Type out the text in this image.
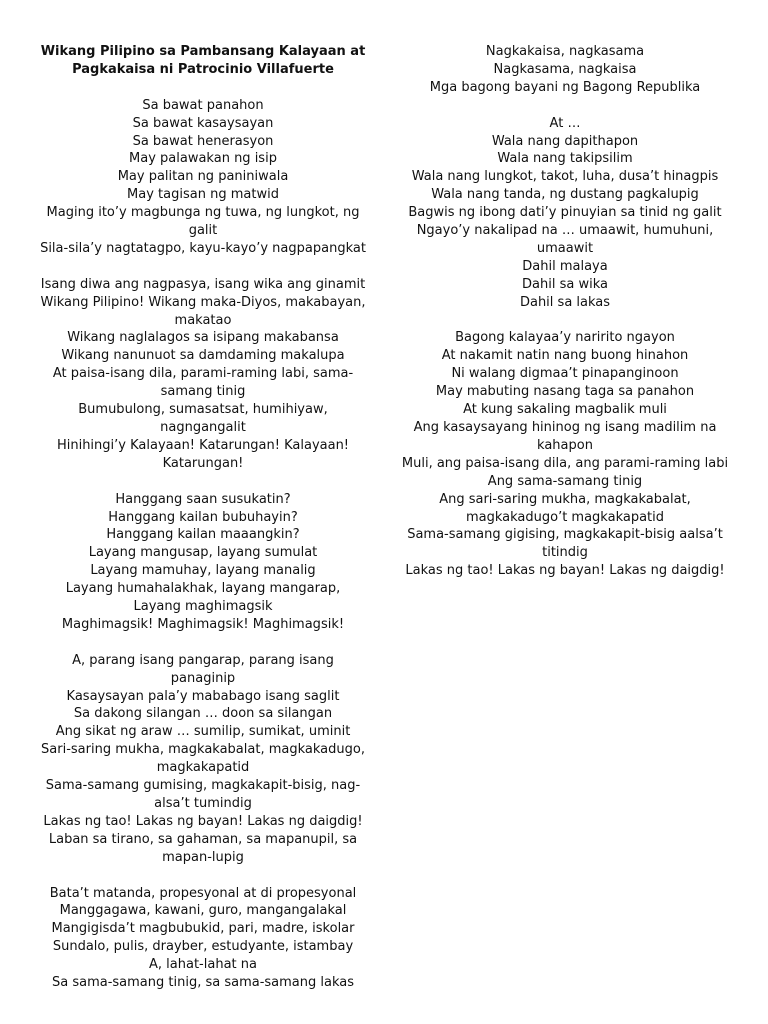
Wikang Pilipino sa Pambansang Kalayaan at
Pagkakaisa ni Patrocinio Villafuerte
Sa bawat panahon
Sa bawat kasaysayan
Sa bawat henerasyon
May palawakan ng isip
May palitan ng paniniwala
May tagisan ng matwid
Maging ito’y magbunga ng tuwa, ng lungkot, ng
galit
Sila-sila’y nagtatagpo, kayu-kayo’y nagpapangkat
Isang diwa ang nagpasya, isang wika ang ginamit
Wikang Pilipino! Wikang maka-Diyos, makabayan,
makatao
Wikang naglalagos sa isipang makabansa
Wikang nanunuot sa damdaming makalupa
At paisa-isang dila, parami-raming labi, sama-
samang tinig
Bumubulong, sumasatsat, humihiyaw,
nagngangalit
Hinihingi’y Kalayaan! Katarungan! Kalayaan!
Katarungan!
Hanggang saan susukatin?
Hanggang kailan bubuhayin?
Hanggang kailan maaangkin?
Layang mangusap, layang sumulat
Layang mamuhay, layang manalig
Layang humahalakhak, layang mangarap,
Layang maghimagsik
Maghimagsik! Maghimagsik! Maghimagsik!
A, parang isang pangarap, parang isang panaginip
Kasaysayan pala’y mababago isang saglit
Sa dakong silangan … doon sa silangan
Ang sikat ng araw … sumilip, sumikat, uminit
Sari-saring mukha, magkakabalat, magkakadugo,
magkakapatid
Sama-samang gumising, magkakapit-bisig, nag-
alsa’t tumindig
Lakas ng tao! Lakas ng bayan! Lakas ng daigdig!
Laban sa tirano, sa gahaman, sa mapanupil, sa
mapan-lupig
Bata’t matanda, propesyonal at di propesyonal
Manggagawa, kawani, guro, mangangalakal
Mangigisda’t magbubukid, pari, madre, iskolar
Sundalo, pulis, drayber, estudyante, istambay
A, lahat-lahat na
Sa sama-samang tinig, sa sama-samang lakas
Nagkakaisa, nagkasama
Nagkasama, nagkaisa
Mga bagong bayani ng Bagong Republika
At …
Wala nang dapithapon
Wala nang takipsilim
Wala nang lungkot, takot, luha, dusa’t hinagpis
Wala nang tanda, ng dustang pagkalupig
Bagwis ng ibong dati’y pinuyian sa tinid ng galit
Ngayo’y nakalipad na … umaawit, humuhuni,
umaawit
Dahil malaya
Dahil sa wika
Dahil sa lakas
Bagong kalayaa’y naririto ngayon
At nakamit natin nang buong hinahon
Ni walang digmaa’t pinapanginoon
May mabuting nasang taga sa panahon
At kung sakaling magbalik muli
Ang kasaysayang hininog ng isang madilim na
kahapon
Muli, ang paisa-isang dila, ang parami-raming labi
Ang sama-samang tinig
Ang sari-saring mukha, magkakabalat,
magkakadugo’t magkakapatid
Sama-samang gigising, magkakapit-bisig aalsa’t
titindig
Lakas ng tao! Lakas ng bayan! Lakas ng daigdig!
